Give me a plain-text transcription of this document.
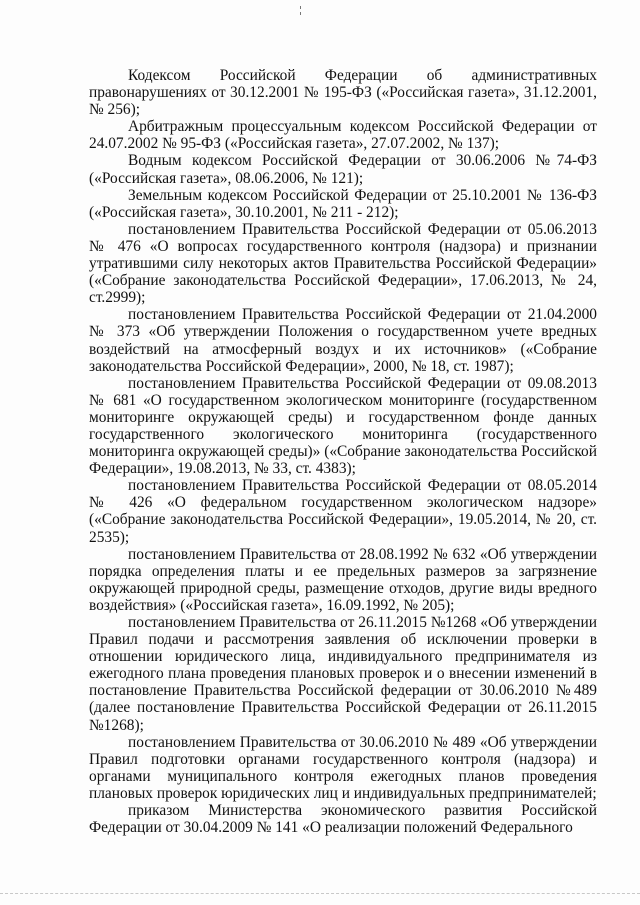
Кодексом Российской Федерации об административных правонарушениях от 30.12.2001 № 195-ФЗ («Российская газета», 31.12.2001, № 256);

Арбитражным процессуальным кодексом Российской Федерации от 24.07.2002 № 95-ФЗ («Российская газета», 27.07.2002, № 137);

Водным кодексом Российской Федерации от 30.06.2006 №74-ФЗ («Российская газета», 08.06.2006, № 121);

Земельным кодексом Российской Федерации от 25.10.2001 № 136-ФЗ («Российская газета», 30.10.2001, № 211 - 212);

постановлением Правительства Российской Федерации от 05.06.2013 № 476 «О вопросах государственного контроля (надзора) и признании утратившими силу некоторых актов Правительства Российской Федерации» («Собрание законодательства Российской Федерации», 17.06.2013, № 24, ст.2999);

постановлением Правительства Российской Федерации от 21.04.2000 № 373 «Об утверждении Положения о государственном учете вредных воздействий на атмосферный воздух и их источников» («Собрание законодательства Российской Федерации», 2000, № 18, ст. 1987);

постановлением Правительства Российской Федерации от 09.08.2013 № 681 «О государственном экологическом мониторинге (государственном мониторинге окружающей среды) и государственном фонде данных государственного экологического мониторинга (государственного мониторинга окружающей среды)» («Собрание законодательства Российской Федерации», 19.08.2013, № 33, ст. 4383);

постановлением Правительства Российской Федерации от 08.05.2014 № 426 «О федеральном государственном экологическом надзоре» («Собрание законодательства Российской Федерации», 19.05.2014, № 20, ст. 2535);

постановлением Правительства от 28.08.1992 № 632 «Об утверждении порядка определения платы и ее предельных размеров за загрязнение окружающей природной среды, размещение отходов, другие виды вредного воздействия» («Российская газета», 16.09.1992, № 205);

постановлением Правительства от 26.11.2015 №1268 «Об утверждении Правил подачи и рассмотрения заявления об исключении проверки в отношении юридического лица, индивидуального предпринимателя из ежегодного плана проведения плановых проверок и о внесении изменений в постановление Правительства Российской федерации от 30.06.2010 №489 (далее постановление Правительства Российской Федерации от 26.11.2015 №1268);

постановлением Правительства от 30.06.2010 № 489 «Об утверждении Правил подготовки органами государственного контроля (надзора) и органами муниципального контроля ежегодных планов проведения плановых проверок юридических лиц и индивидуальных предпринимателей;

приказом Министерства экономического развития Российской Федерации от 30.04.2009 № 141 «О реализации положений Федерального
